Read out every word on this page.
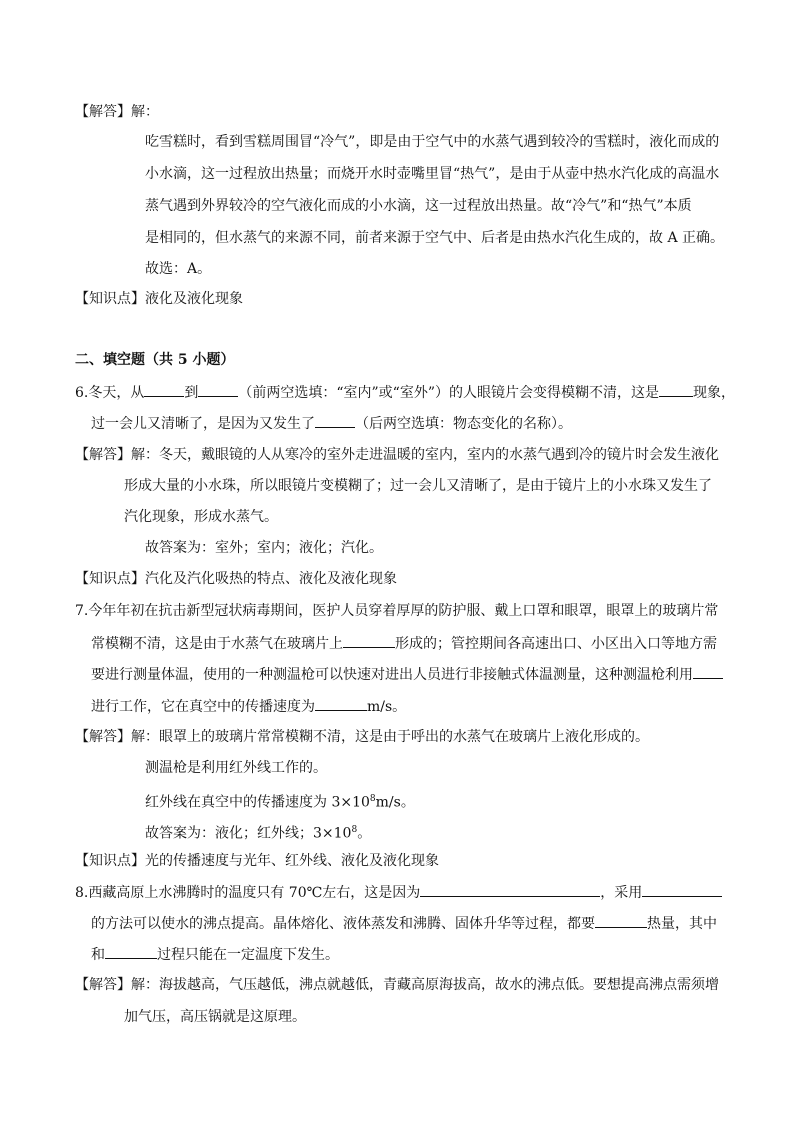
【解答】解：
吃雪糕时，看到雪糕周围冒“冷气”，即是由于空气中的水蒸气遇到较冷的雪糕时，液化而成的
小水滴，这一过程放出热量；而烧开水时壶嘴里冒“热气”，是由于从壶中热水汽化成的高温水
蒸气遇到外界较冷的空气液化而成的小水滴，这一过程放出热量。故“冷气”和“热气”本质
是相同的，但水蒸气的来源不同，前者来源于空气中、后者是由热水汽化生成的，故 A 正确。
故选：A。
【知识点】液化及液化现象
二、填空题（共 5 小题）
6.冬天，从	到	（前两空选填：“室内”或“室外”）的人眼镜片会变得模糊不清，这是 现象，
过一会儿又清晰了，是因为又发生了	（后两空选填：物态变化的名称）。
【解答】解：冬天，戴眼镜的人从寒冷的室外走进温暖的室内，室内的水蒸气遇到冷的镜片时会发生液化
形成大量的小水珠，所以眼镜片变模糊了；过一会儿又清晰了，是由于镜片上的小水珠又发生了
汽化现象，形成水蒸气。
故答案为：室外；室内；液化；汽化。
【知识点】汽化及汽化吸热的特点、液化及液化现象
7.今年年初在抗击新型冠状病毒期间，医护人员穿着厚厚的防护服、戴上口罩和眼罩，眼罩上的玻璃片常
常模糊不清，这是由于水蒸气在玻璃片上	形成的；管控期间各高速出口、小区出入口等地方需
要进行测量体温，使用的一种测温枪可以快速对进出人员进行非接触式体温测量，这种测温枪利用
进行工作，它在真空中的传播速度为	m/s。
【解答】解：眼罩上的玻璃片常常模糊不清，这是由于呼出的水蒸气在玻璃片上液化形成的。
测温枪是利用红外线工作的。
红外线在真空中的传播速度为 $3\times 10^8m/s$。
故答案为：液化；红外线；$3\times 10^8$。
【知识点】光的传播速度与光年、红外线、液化及液化现象
8.西藏高原上水沸腾时的温度只有 70℃左右，这是因为	，采用
的方法可以使水的沸点提高。晶体熔化、液体蒸发和沸腾、固体升华等过程，都要	热量，其中
和	过程只能在一定温度下发生。
【解答】解：海拔越高，气压越低，沸点就越低，青藏高原海拔高，故水的沸点低。要想提高沸点需须增
加气压，高压锅就是这原理。
